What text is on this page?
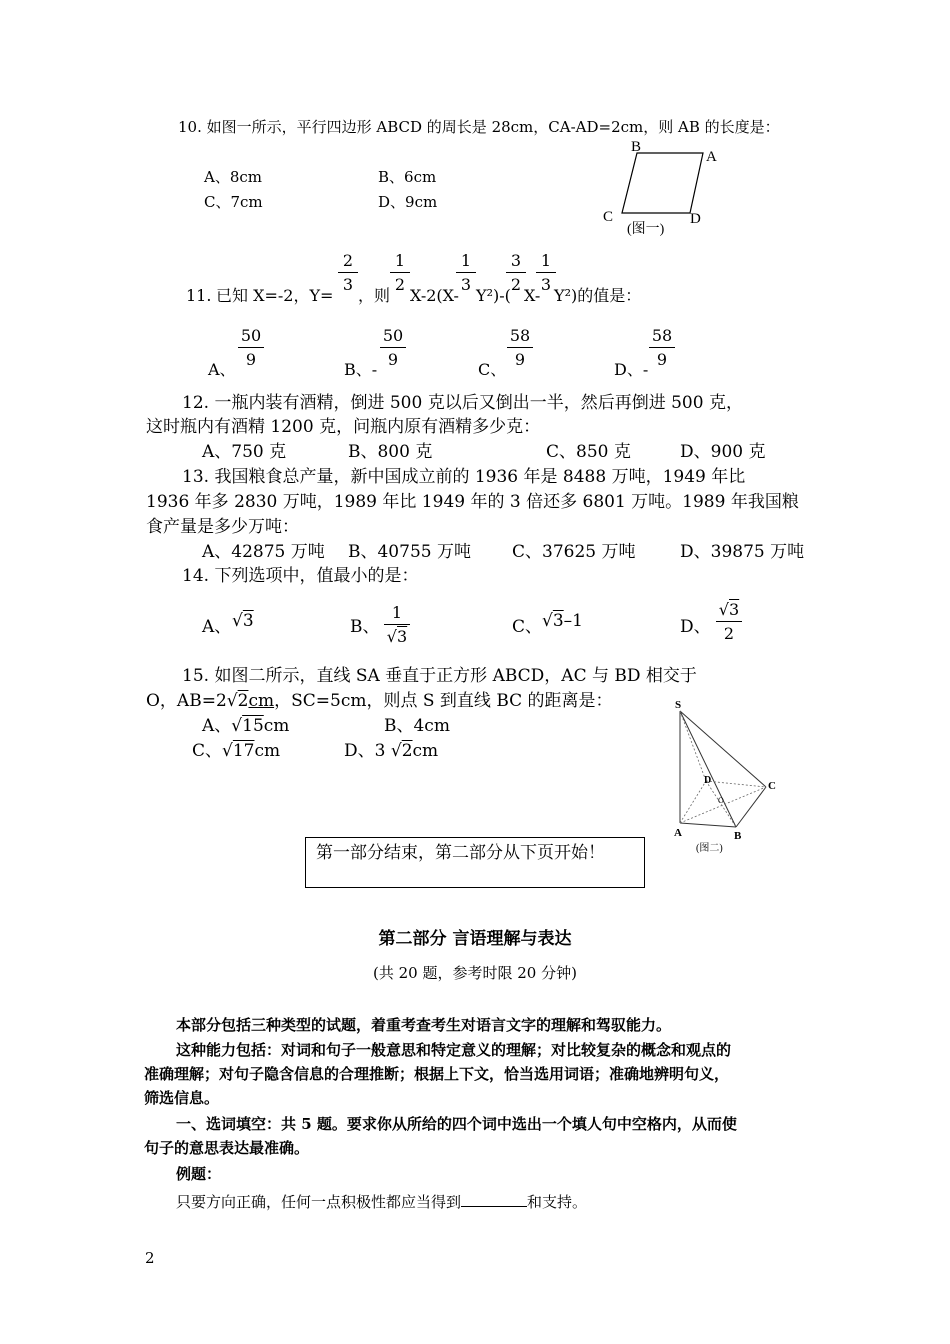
10. 如图一所示，平行四边形 ABCD 的周长是 28cm，CA-AD=2cm，则 AB 的长度是：
A、8cm	B、6cm
C、7cm	D、9cm
B
A
C	D
(图一)
11. 已知 X=-2，Y=
2
3
，则
1
2
X-2(X-
1
3
Y²)-(
3
2
X-
1
3
Y²)的值是：
A、
50
9
B、-
50
9
C、
58
9
D、-
58
9
12. 一瓶内装有酒精，倒进 500 克以后又倒出一半，然后再倒进 500 克，
这时瓶内有酒精 1200 克，问瓶内原有酒精多少克：
A、750 克	B、800 克	C、850 克	D、900 克
13. 我国粮食总产量，新中国成立前的 1936 年是 8488 万吨，1949 年比
1936 年多 2830 万吨，1989 年比 1949 年的 3 倍还多 6801 万吨。1989 年我国粮
食产量是多少万吨：
A、42875 万吨 B、40755 万吨 C、37625 万吨	D、39875 万吨
14. 下列选项中，值最小的是：
A、 √3	B、
1
√3	C、 √3–1	D、
√3
2
15. 如图二所示，直线 SA 垂直于正方形 ABCD，AC 与 BD 相交于
O，AB=2√2cm，SC=5cm，则点 S 到直线 BC 的距离是：
A、√15cm	B、4cm
C、√17cm	D、3 √2cm
S
D
O
C
A	B
(图二)
第一部分结束，第二部分从下页开始！
第二部分 言语理解与表达
(共 20 题，参考时限 20 分钟)
本部分包括三种类型的试题，着重考查考生对语言文字的理解和驾驭能力。
这种能力包括：对词和句子一般意思和特定意义的理解；对比较复杂的概念和观点的
准确理解；对句子隐含信息的合理推断；根据上下文，恰当选用词语；准确地辨明句义，
筛选信息。
一、选词填空：共 5 题。要求你从所给的四个词中选出一个填人句中空格内，从而使
句子的意思表达最准确。
例题：
只要方向正确，任何一点积极性都应当得到	和支持。
2
